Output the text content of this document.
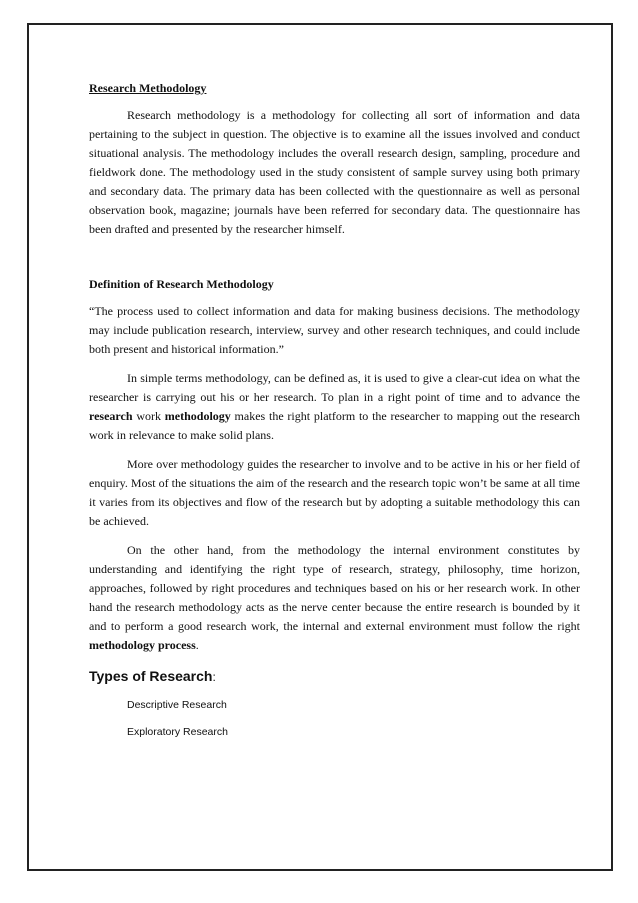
Research Methodology

Research methodology is a methodology for collecting all sort of information and data pertaining to the subject in question. The objective is to examine all the issues involved and conduct situational analysis. The methodology includes the overall research design, sampling, procedure and fieldwork done. The methodology used in the study consistent of sample survey using both primary and secondary data. The primary data has been collected with the questionnaire as well as personal observation book, magazine; journals have been referred for secondary data. The questionnaire has been drafted and presented by the researcher himself.

Definition of Research Methodology

“The process used to collect information and data for making business decisions. The methodology may include publication research, interview, survey and other research techniques, and could include both present and historical information.”

In simple terms methodology, can be defined as, it is used to give a clear-cut idea on what the researcher is carrying out his or her research. To plan in a right point of time and to advance the research work methodology makes the right platform to the researcher to mapping out the research work in relevance to make solid plans.

More over methodology guides the researcher to involve and to be active in his or her field of enquiry. Most of the situations the aim of the research and the research topic won’t be same at all time it varies from its objectives and flow of the research but by adopting a suitable methodology this can be achieved.

On the other hand, from the methodology the internal environment constitutes by understanding and identifying the right type of research, strategy, philosophy, time horizon, approaches, followed by right procedures and techniques based on his or her research work. In other hand the research methodology acts as the nerve center because the entire research is bounded by it and to perform a good research work, the internal and external environment must follow the right methodology process.

Types of Research:
Descriptive Research
Exploratory Research
